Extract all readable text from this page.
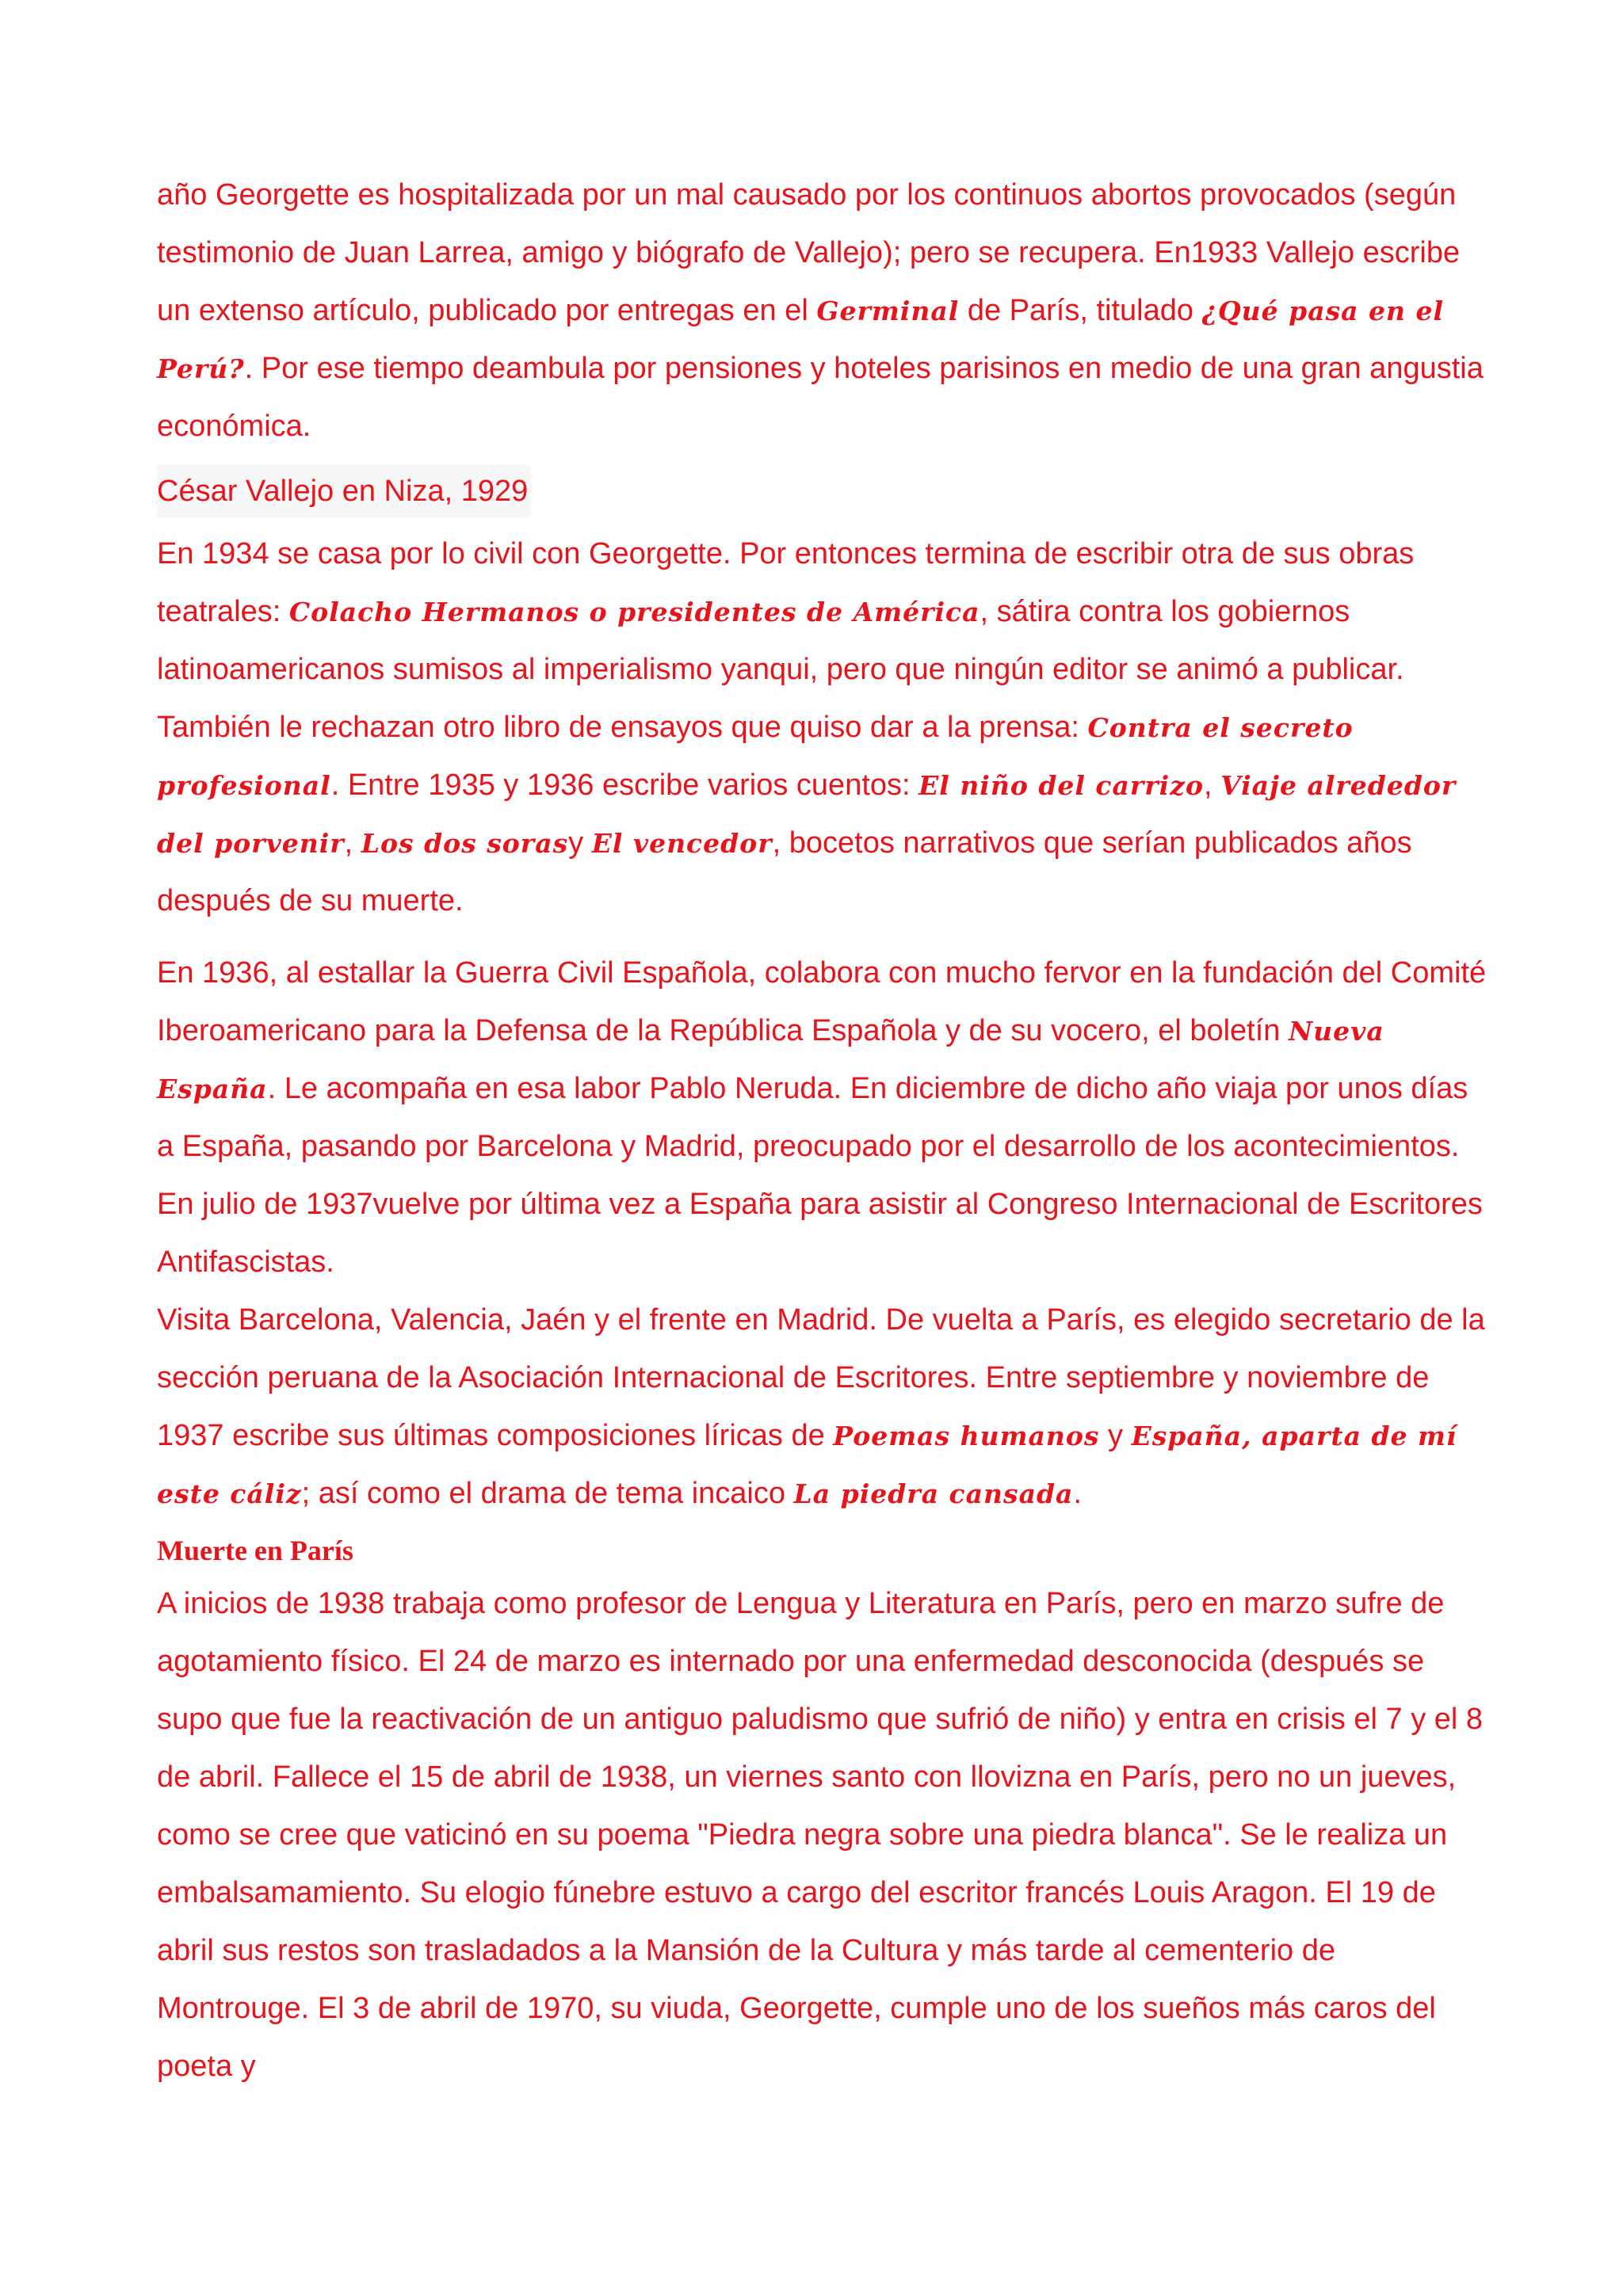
año Georgette es hospitalizada por un mal causado por los continuos abortos provocados (según testimonio de Juan Larrea, amigo y biógrafo de Vallejo); pero se recupera. En1933 Vallejo escribe un extenso artículo, publicado por entregas en el Germinal de París, titulado ¿Qué pasa en el Perú?. Por ese tiempo deambula por pensiones y hoteles parisinos en medio de una gran angustia económica.

César Vallejo en Niza, 1929

En 1934 se casa por lo civil con Georgette. Por entonces termina de escribir otra de sus obras teatrales: Colacho Hermanos o presidentes de América, sátira contra los gobiernos latinoamericanos sumisos al imperialismo yanqui, pero que ningún editor se animó a publicar. También le rechazan otro libro de ensayos que quiso dar a la prensa: Contra el secreto profesional. Entre 1935 y 1936 escribe varios cuentos: El niño del carrizo, Viaje alrededor del porvenir, Los dos sorasy El vencedor, bocetos narrativos que serían publicados años después de su muerte.

En 1936, al estallar la Guerra Civil Española, colabora con mucho fervor en la fundación del Comité Iberoamericano para la Defensa de la República Española y de su vocero, el boletín Nueva España. Le acompaña en esa labor Pablo Neruda. En diciembre de dicho año viaja por unos días a España, pasando por Barcelona y Madrid, preocupado por el desarrollo de los acontecimientos. En julio de 1937vuelve por última vez a España para asistir al Congreso Internacional de Escritores Antifascistas.

Visita Barcelona, Valencia, Jaén y el frente en Madrid. De vuelta a París, es elegido secretario de la sección peruana de la Asociación Internacional de Escritores. Entre septiembre y noviembre de 1937 escribe sus últimas composiciones líricas de Poemas humanos y España, aparta de mí este cáliz; así como el drama de tema incaico La piedra cansada.

Muerte en París

A inicios de 1938 trabaja como profesor de Lengua y Literatura en París, pero en marzo sufre de agotamiento físico. El 24 de marzo es internado por una enfermedad desconocida (después se supo que fue la reactivación de un antiguo paludismo que sufrió de niño) y entra en crisis el 7 y el 8 de abril. Fallece el 15 de abril de 1938, un viernes santo con llovizna en París, pero no un jueves, como se cree que vaticinó en su poema "Piedra negra sobre una piedra blanca". Se le realiza un embalsamamiento. Su elogio fúnebre estuvo a cargo del escritor francés Louis Aragon. El 19 de abril sus restos son trasladados a la Mansión de la Cultura y más tarde al cementerio de Montrouge. El 3 de abril de 1970, su viuda, Georgette, cumple uno de los sueños más caros del poeta y
